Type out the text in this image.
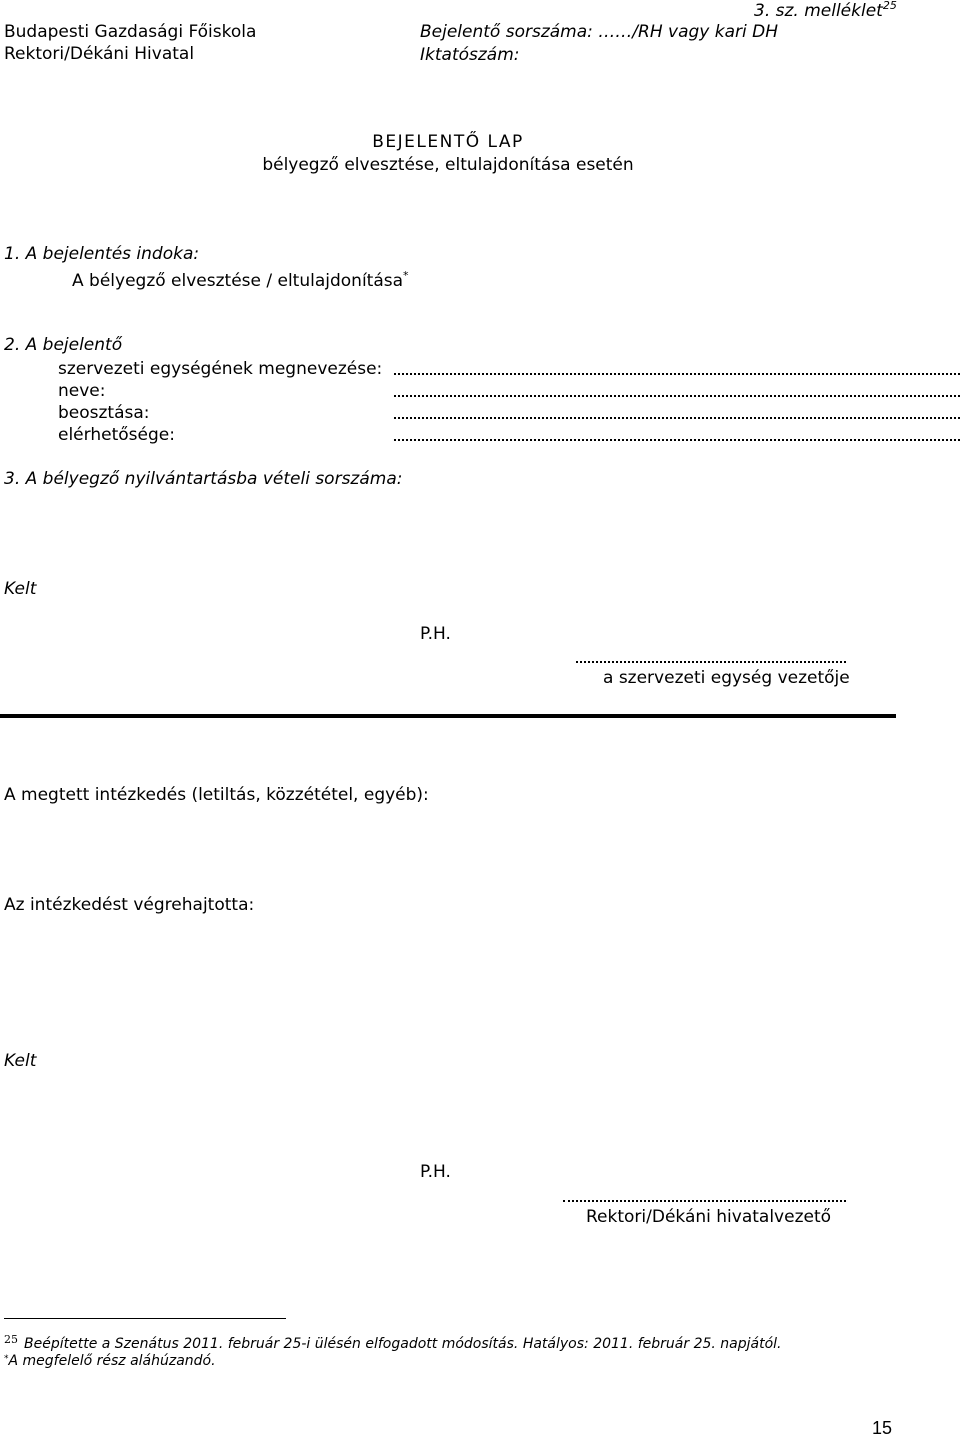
3. sz. melléklet$^{25}$
Budapesti Gazdasági Főiskola
Rektori/Dékáni Hivatal
Bejelentő sorszáma: ……/RH vagy kari DH
Iktatószám:
BEJELENTŐ LAP
bélyegző elvesztése, eltulajdonítása esetén
1. A bejelentés indoka:
A bélyegző elvesztése / eltulajdonítása*
2. A bejelentő
szervezeti egységének megnevezése:
neve:
beosztása:
elérhetősége:
3. A bélyegző nyilvántartásba vételi sorszáma:
Kelt
P.H.
a szervezeti egység vezetője
A megtett intézkedés (letiltás, közzététel, egyéb):
Az intézkedést végrehajtotta:
Kelt
P.H.
Rektori/Dékáni hivatalvezető
$^{25}$ Beépítette a Szenátus 2011. február 25-i ülésén elfogadott módosítás. Hatályos: 2011. február 25. napjától.
*A megfelelő rész aláhúzandó.
15
